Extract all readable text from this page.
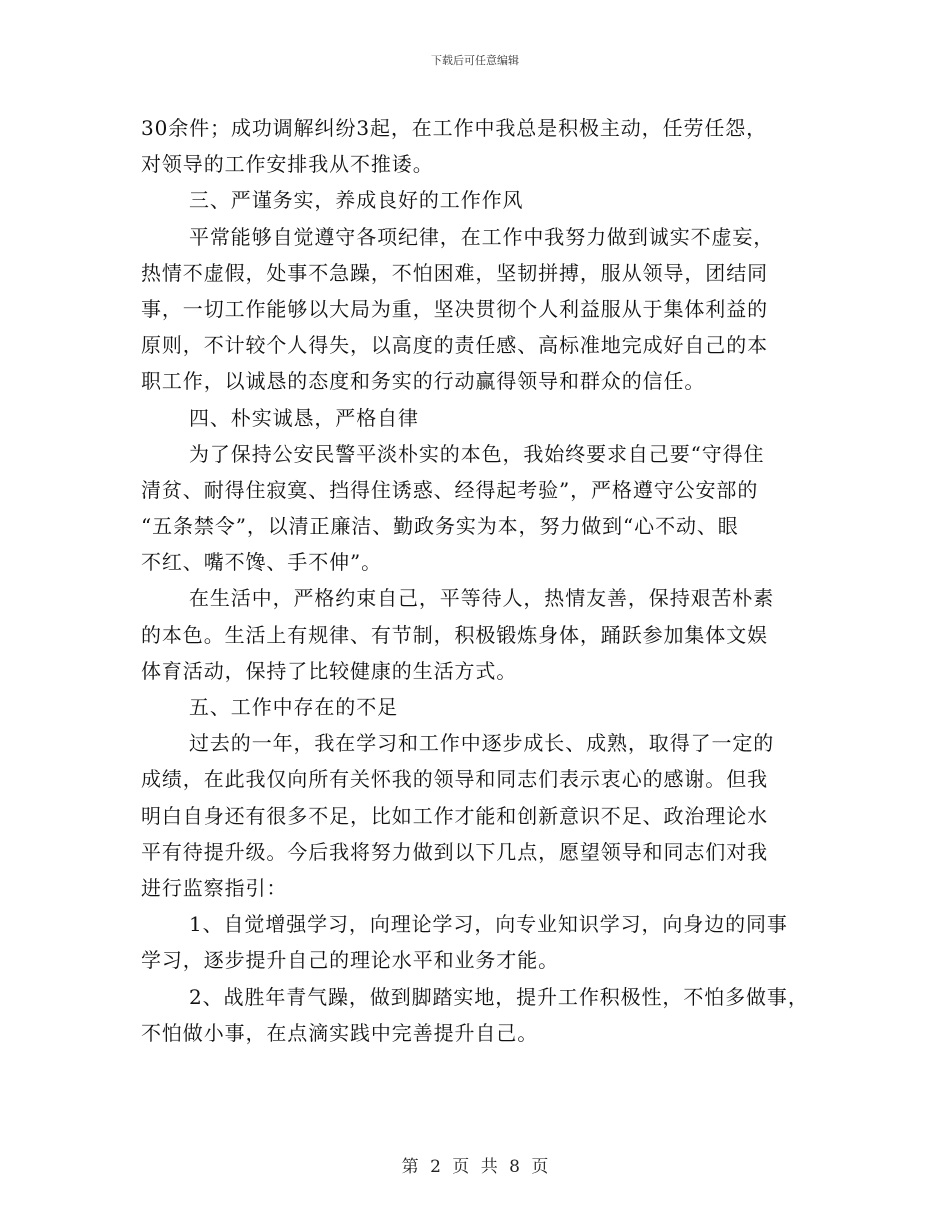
下载后可任意编辑
30余件；成功调解纠纷3起，在工作中我总是积极主动，任劳任怨，
对领导的工作安排我从不推诿。
三、严谨务实，养成良好的工作作风
平常能够自觉遵守各项纪律，在工作中我努力做到诚实不虚妄，
热情不虚假，处事不急躁，不怕困难，坚韧拼搏，服从领导，团结同
事，一切工作能够以大局为重，坚决贯彻个人利益服从于集体利益的
原则，不计较个人得失，以高度的责任感、高标准地完成好自己的本
职工作，以诚恳的态度和务实的行动赢得领导和群众的信任。
四、朴实诚恳，严格自律
为了保持公安民警平淡朴实的本色，我始终要求自己要“守得住
清贫、耐得住寂寞、挡得住诱惑、经得起考验”，严格遵守公安部的
“五条禁令”，以清正廉洁、勤政务实为本，努力做到“心不动、眼
不红、嘴不馋、手不伸”。
在生活中，严格约束自己，平等待人，热情友善，保持艰苦朴素
的本色。生活上有规律、有节制，积极锻炼身体，踊跃参加集体文娱
体育活动，保持了比较健康的生活方式。
五、工作中存在的不足
过去的一年，我在学习和工作中逐步成长、成熟，取得了一定的
成绩，在此我仅向所有关怀我的领导和同志们表示衷心的感谢。但我
明白自身还有很多不足，比如工作才能和创新意识不足、政治理论水
平有待提升级。今后我将努力做到以下几点，愿望领导和同志们对我
进行监察指引：
1、自觉增强学习，向理论学习，向专业知识学习，向身边的同事
学习，逐步提升自己的理论水平和业务才能。
2、战胜年青气躁，做到脚踏实地，提升工作积极性，不怕多做事，
不怕做小事，在点滴实践中完善提升自己。
第 2 页 共 8 页
